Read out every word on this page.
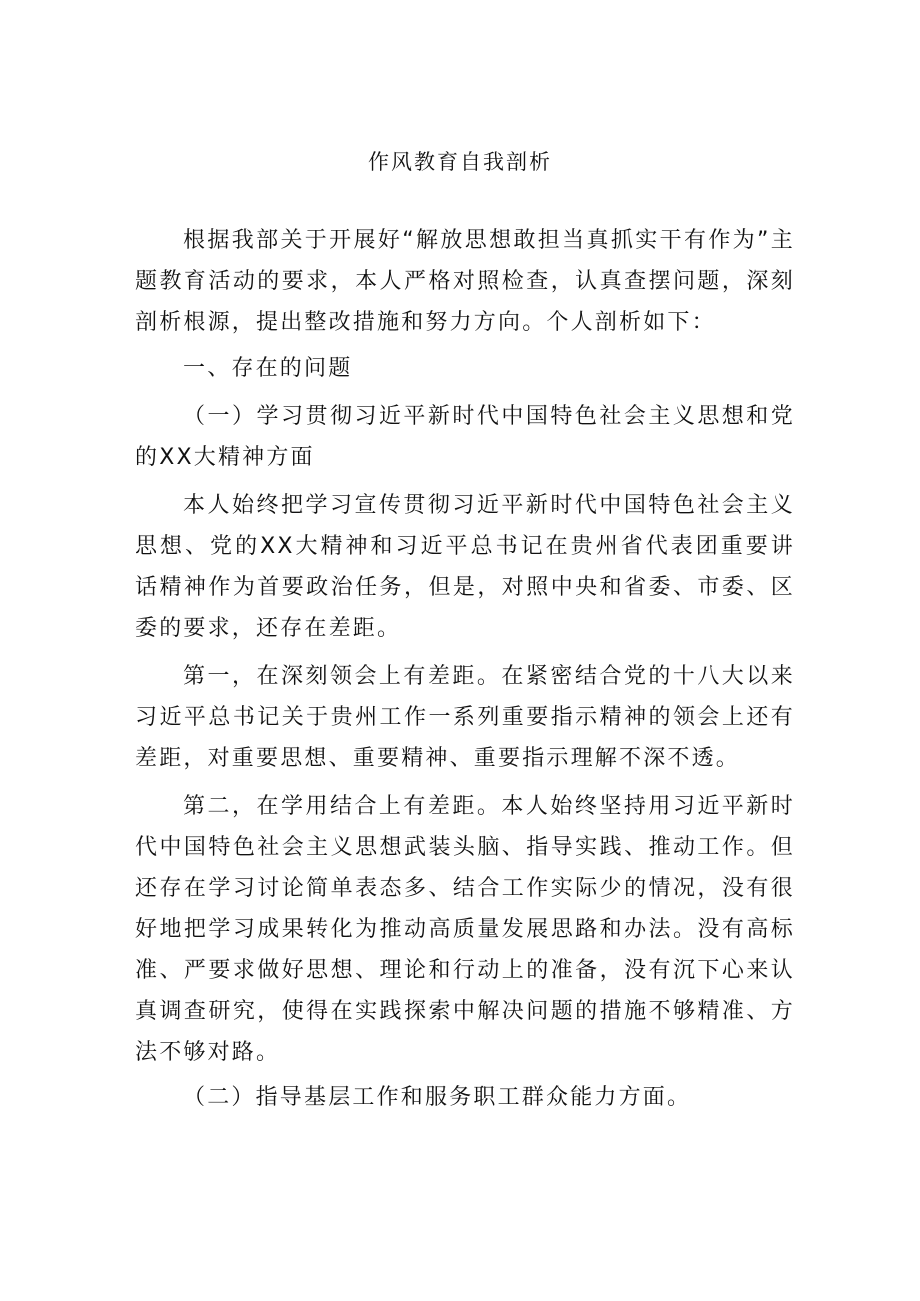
作风教育自我剖析

根据我部关于开展好“解放思想敢担当真抓实干有作为”主题教育活动的要求，本人严格对照检查，认真查摆问题，深刻剖析根源，提出整改措施和努力方向。个人剖析如下：

一、存在的问题

（一）学习贯彻习近平新时代中国特色社会主义思想和党的XX大精神方面

本人始终把学习宣传贯彻习近平新时代中国特色社会主义思想、党的XX大精神和习近平总书记在贵州省代表团重要讲话精神作为首要政治任务，但是，对照中央和省委、市委、区委的要求，还存在差距。

第一，在深刻领会上有差距。在紧密结合党的十八大以来习近平总书记关于贵州工作一系列重要指示精神的领会上还有差距，对重要思想、重要精神、重要指示理解不深不透。

第二，在学用结合上有差距。本人始终坚持用习近平新时代中国特色社会主义思想武装头脑、指导实践、推动工作。但还存在学习讨论简单表态多、结合工作实际少的情况，没有很好地把学习成果转化为推动高质量发展思路和办法。没有高标准、严要求做好思想、理论和行动上的准备，没有沉下心来认真调查研究，使得在实践探索中解决问题的措施不够精准、方法不够对路。

（二）指导基层工作和服务职工群众能力方面。
